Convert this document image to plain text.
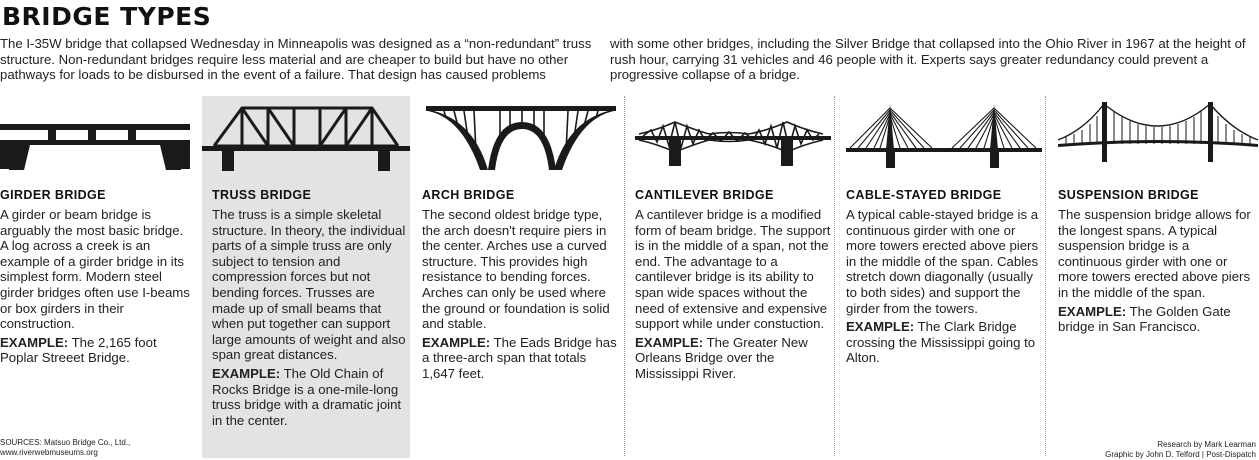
BRIDGE TYPES
The I-35W bridge that collapsed Wednesday in Minneapolis was designed as a “non-redundant” truss structure. Non-redundant bridges require less material and are cheaper to build but have no other pathways for loads to be disbursed in the event of a failure. That design has caused problems
with some other bridges, including the Silver Bridge that collapsed into the Ohio River in 1967 at the height of rush hour, carrying 31 vehicles and 46 people with it. Experts says greater redundancy could prevent a progressive collapse of a bridge.
GIRDER BRIDGE
A girder or beam bridge is arguably the most basic bridge. A log across a creek is an example of a girder bridge in its simplest form. Modern steel girder bridges often use I-beams or box girders in their construction.
EXAMPLE: The 2,165 foot Poplar Streeet Bridge.
TRUSS BRIDGE
The truss is a simple skeletal structure. In theory, the individual parts of a simple truss are only subject to tension and compression forces but not bending forces. Trusses are made up of small beams that when put together can support large amounts of weight and also span great distances.
EXAMPLE: The Old Chain of Rocks Bridge is a one-mile-long truss bridge with a dramatic joint in the center.
ARCH BRIDGE
The second oldest bridge type, the arch doesn't require piers in the center. Arches use a curved structure. This provides high resistance to bending forces. Arches can only be used where the ground or foundation is solid and stable.
EXAMPLE: The Eads Bridge has a three-arch span that totals 1,647 feet.
CANTILEVER BRIDGE
A cantilever bridge is a modified form of beam bridge. The support is in the middle of a span, not the end. The advantage to a cantilever bridge is its ability to span wide spaces without the need of extensive and expensive support while under constuction.
EXAMPLE: The Greater New Orleans Bridge over the Mississippi River.
CABLE-STAYED BRIDGE
A typical cable-stayed bridge is a continuous girder with one or more towers erected above piers in the middle of the span. Cables stretch down diagonally (usually to both sides) and support the girder from the towers.
EXAMPLE: The Clark Bridge crossing the Mississippi going to Alton.
SUSPENSION BRIDGE
The suspension bridge allows for the longest spans. A typical suspension bridge is a continuous girder with one or more towers erected above piers in the middle of the span.
EXAMPLE: The Golden Gate bridge in San Francisco.
SOURCES: Matsuo Bridge Co., Ltd.,
www.riverwebmuseums.org
Research by Mark Learman
Graphic by John D. Telford | Post-Dispatch
